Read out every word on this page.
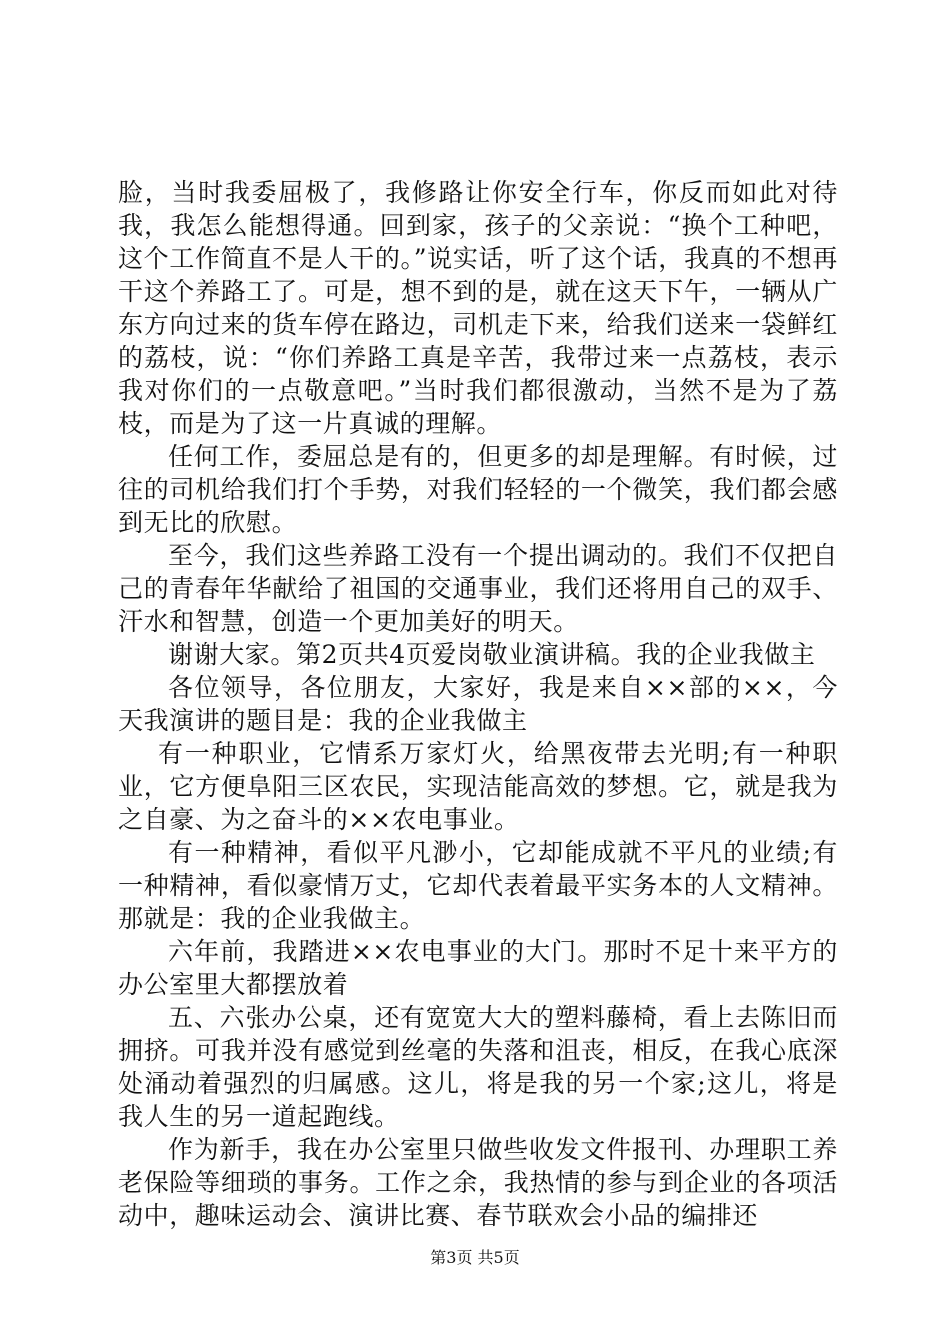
脸，当时我委屈极了，我修路让你安全行车，你反而如此对待我，我怎么能想得通。回到家，孩子的父亲说：“换个工种吧，这个工作简直不是人干的。”说实话，听了这个话，我真的不想再干这个养路工了。可是，想不到的是，就在这天下午，一辆从广东方向过来的货车停在路边，司机走下来，给我们送来一袋鲜红的荔枝，说：“你们养路工真是辛苦，我带过来一点荔枝，表示我对你们的一点敬意吧。”当时我们都很激动，当然不是为了荔枝，而是为了这一片真诚的理解。

任何工作，委屈总是有的，但更多的却是理解。有时候，过往的司机给我们打个手势，对我们轻轻的一个微笑，我们都会感到无比的欣慰。

至今，我们这些养路工没有一个提出调动的。我们不仅把自己的青春年华献给了祖国的交通事业，我们还将用自己的双手、汗水和智慧，创造一个更加美好的明天。

谢谢大家。第2页共4页爱岗敬业演讲稿。我的企业我做主

各位领导，各位朋友，大家好，我是来自××部的××，今天我演讲的题目是：我的企业我做主

有一种职业，它情系万家灯火，给黑夜带去光明;有一种职业，它方便阜阳三区农民，实现洁能高效的梦想。它，就是我为之自豪、为之奋斗的××农电事业。

有一种精神，看似平凡渺小，它却能成就不平凡的业绩;有一种精神，看似豪情万丈，它却代表着最平实务本的人文精神。那就是：我的企业我做主。

六年前，我踏进××农电事业的大门。那时不足十来平方的办公室里大都摆放着

五、六张办公桌，还有宽宽大大的塑料藤椅，看上去陈旧而拥挤。可我并没有感觉到丝毫的失落和沮丧，相反，在我心底深处涌动着强烈的归属感。这儿，将是我的另一个家;这儿，将是我人生的另一道起跑线。

作为新手，我在办公室里只做些收发文件报刊、办理职工养老保险等细琐的事务。工作之余，我热情的参与到企业的各项活动中，趣味运动会、演讲比赛、春节联欢会小品的编排还

第3页 共5页
